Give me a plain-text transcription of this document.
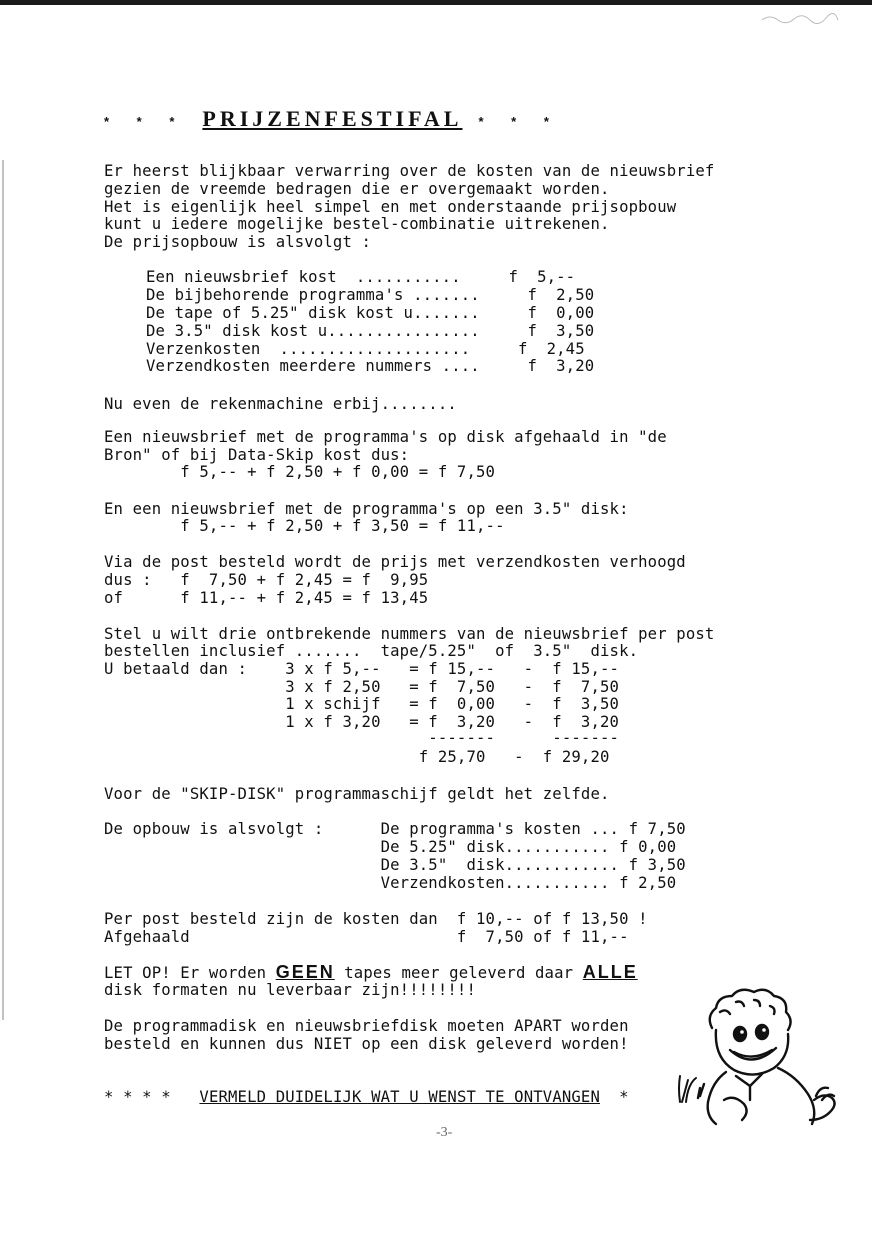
* * * PRIJZENFESTIFAL * * *
Er heerst blijkbaar verwarring over de kosten van de nieuwsbrief
gezien de vreemde bedragen die er overgemaakt worden.
Het is eigenlijk heel simpel en met onderstaande prijsopbouw
kunt u iedere mogelijke bestel-combinatie uitrekenen.
De prijsopbouw is alsvolgt :
Een nieuwsbrief kost  ...........     f  5,--
De bijbehorende programma's .......     f  2,50
De tape of 5.25" disk kost u.......     f  0,00
De 3.5" disk kost u................     f  3,50
Verzenkosten  ....................     f  2,45
Verzendkosten meerdere nummers ....     f  3,20
Nu even de rekenmachine erbij........
Een nieuwsbrief met de programma's op disk afgehaald in "de
Bron" of bij Data-Skip kost dus:
f 5,-- + f 2,50 + f 0,00 = f 7,50
En een nieuwsbrief met de programma's op een 3.5" disk:
f 5,-- + f 2,50 + f 3,50 = f 11,--
Via de post besteld wordt de prijs met verzendkosten verhoogd
dus :   f  7,50 + f 2,45 = f  9,95
of      f 11,-- + f 2,45 = f 13,45
Stel u wilt drie ontbrekende nummers van de nieuwsbrief per post
bestellen inclusief .......  tape/5.25"  of  3.5"  disk.
U betaald dan :    3 x f 5,--   = f 15,--   -  f 15,--
3 x f 2,50   = f  7,50   -  f  7,50
1 x schijf   = f  0,00   -  f  3,50
1 x f 3,20   = f  3,20   -  f  3,20
-------      -------
f 25,70   -  f 29,20
Voor de "SKIP-DISK" programmaschijf geldt het zelfde.
De opbouw is alsvolgt :      De programma's kosten ... f 7,50
De 5.25" disk........... f 0,00
De 3.5"  disk............ f 3,50
Verzendkosten........... f 2,50
Per post besteld zijn de kosten dan  f 10,-- of f 13,50 !
Afgehaald                            f  7,50 of f 11,--
LET OP! Er worden GEEN tapes meer geleverd daar ALLE
disk formaten nu leverbaar zijn!!!!!!!!
De programmadisk en nieuwsbriefdisk moeten APART worden
besteld en kunnen dus NIET op een disk geleverd worden!
* * * * VERMELD DUIDELIJK WAT U WENST TE ONTVANGEN *
-3-
